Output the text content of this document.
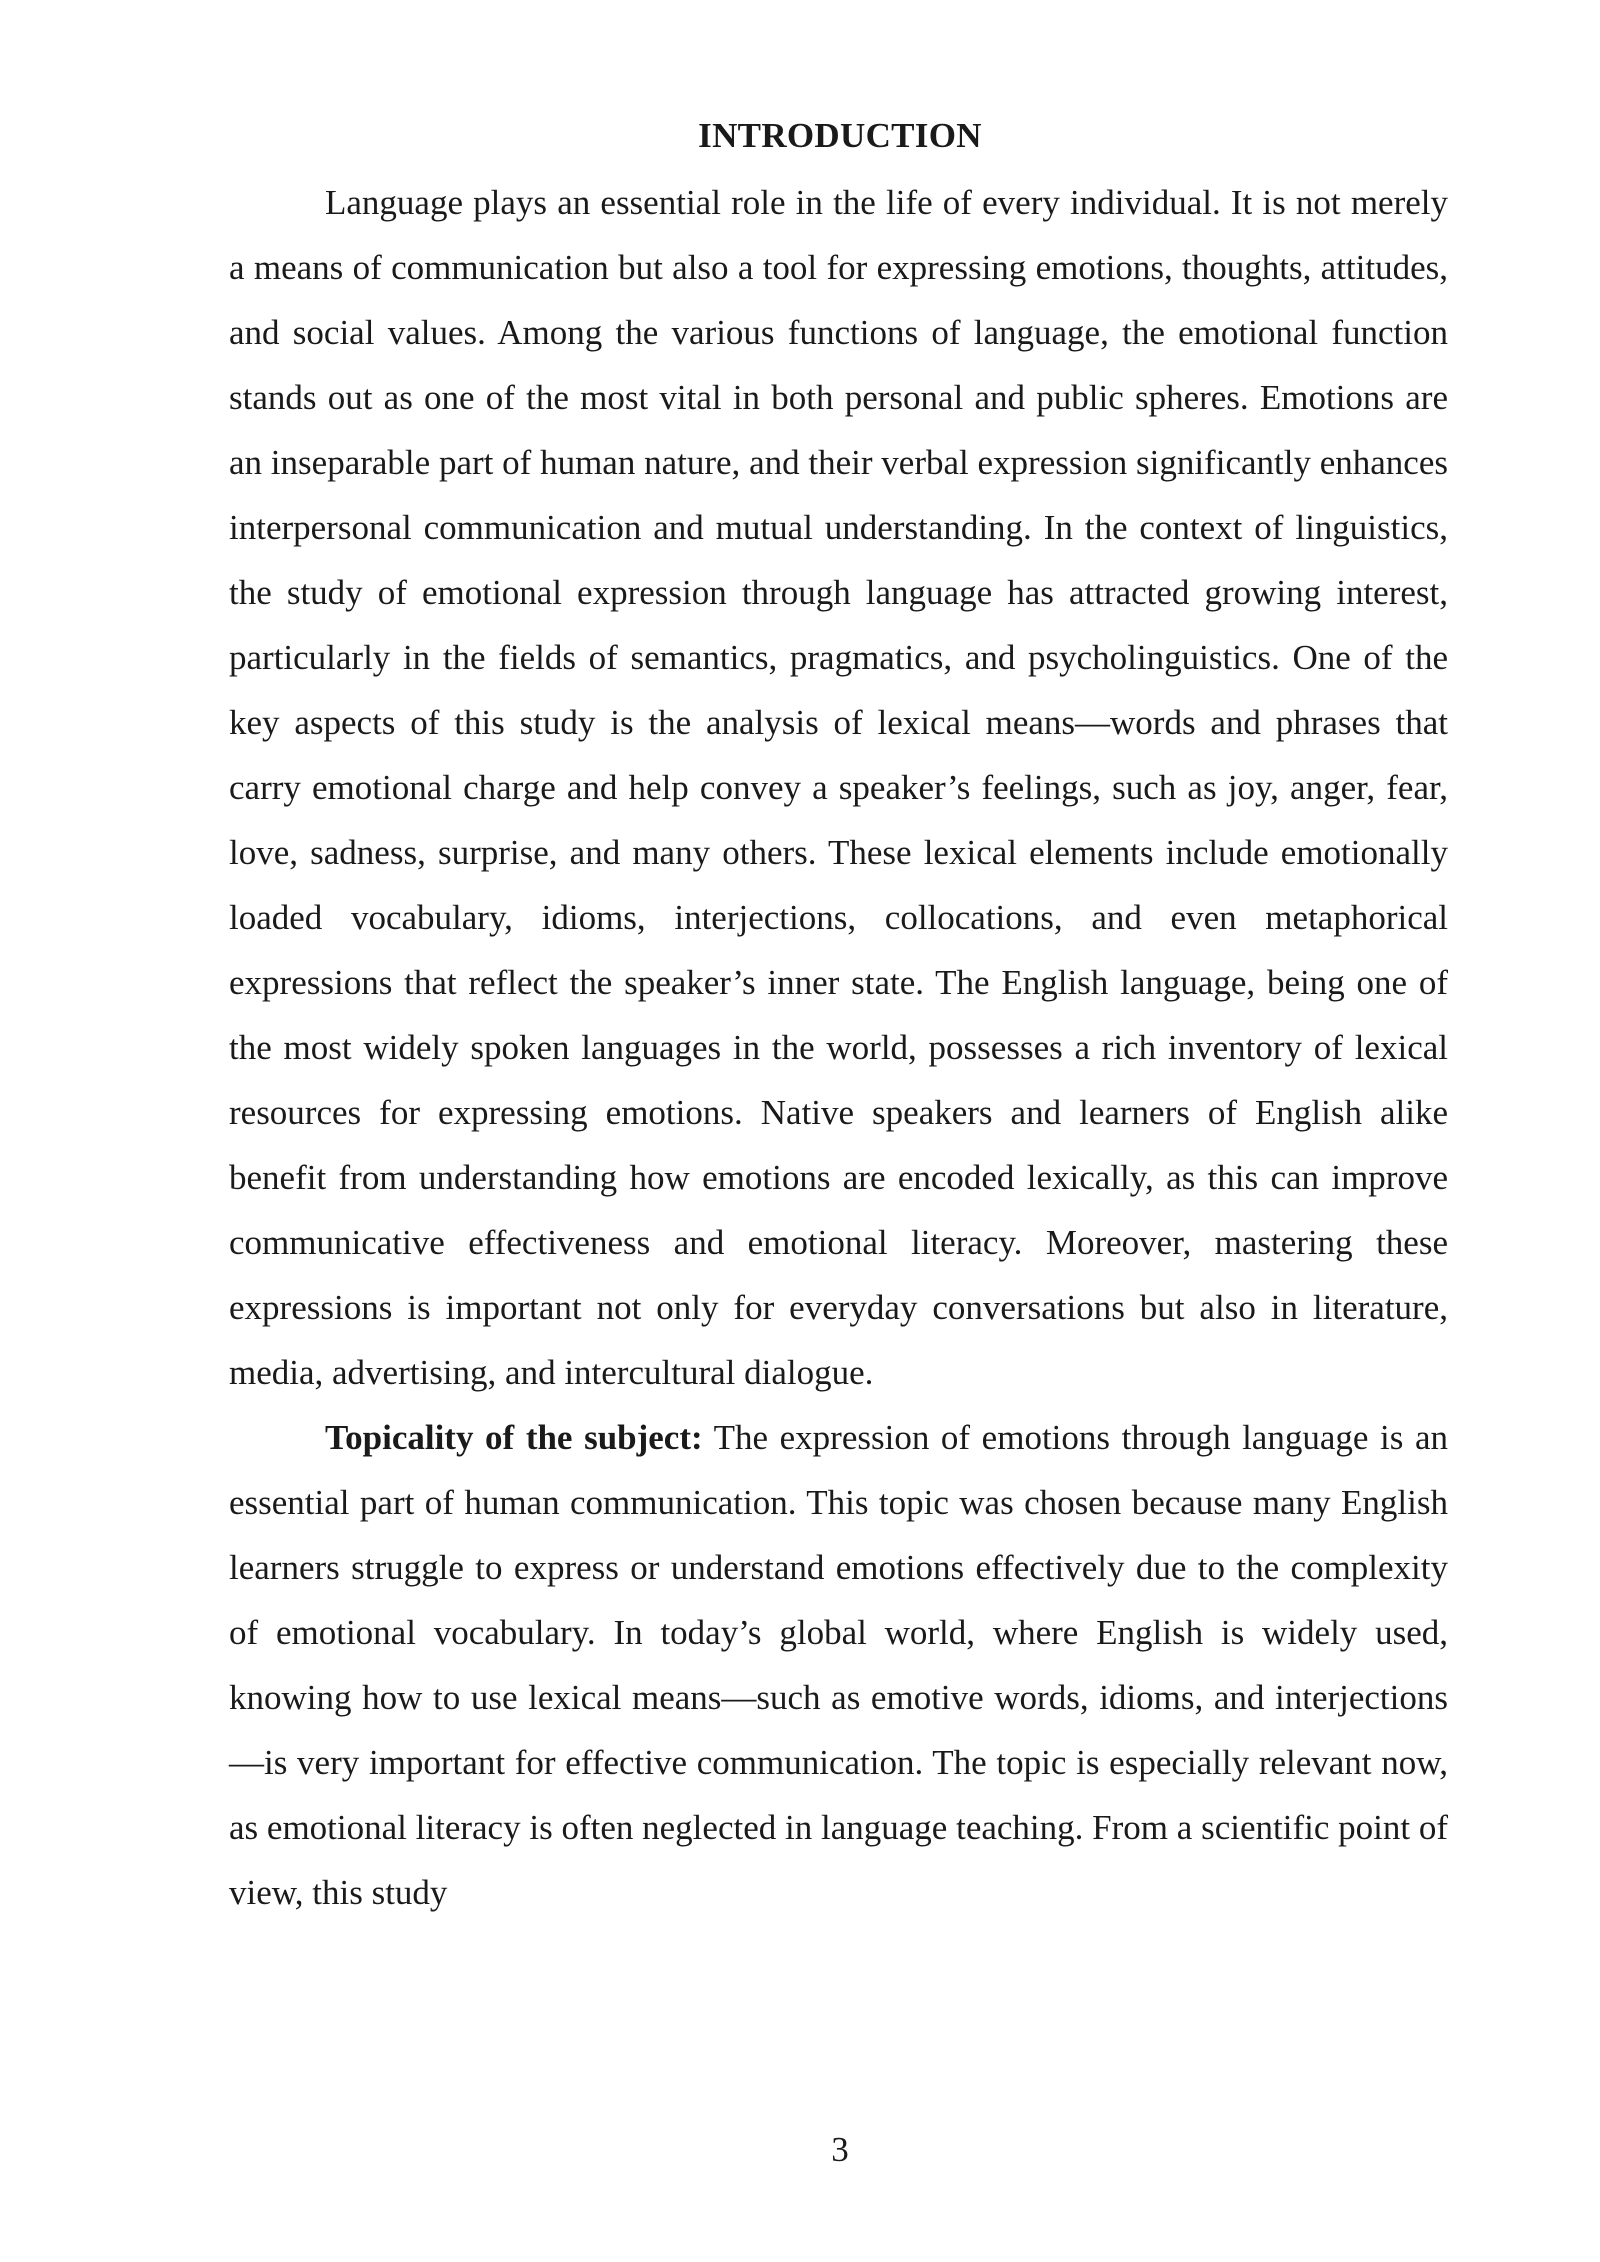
INTRODUCTION

Language plays an essential role in the life of every individual. It is not merely a means of communication but also a tool for expressing emotions, thoughts, attitudes, and social values. Among the various functions of language, the emotional function stands out as one of the most vital in both personal and public spheres. Emotions are an inseparable part of human nature, and their verbal expression significantly enhances interpersonal communication and mutual understanding. In the context of linguistics, the study of emotional expression through language has attracted growing interest, particularly in the fields of semantics, pragmatics, and psycholinguistics. One of the key aspects of this study is the analysis of lexical means—words and phrases that carry emotional charge and help convey a speaker’s feelings, such as joy, anger, fear, love, sadness, surprise, and many others. These lexical elements include emotionally loaded vocabulary, idioms, interjections, collocations, and even metaphorical expressions that reflect the speaker’s inner state. The English language, being one of the most widely spoken languages in the world, possesses a rich inventory of lexical resources for expressing emotions. Native speakers and learners of English alike benefit from understanding how emotions are encoded lexically, as this can improve communicative effectiveness and emotional literacy. Moreover, mastering these expressions is important not only for everyday conversations but also in literature, media, advertising, and intercultural dialogue.

Topicality of the subject: The expression of emotions through language is an essential part of human communication. This topic was chosen because many English learners struggle to express or understand emotions effectively due to the complexity of emotional vocabulary. In today’s global world, where English is widely used, knowing how to use lexical means—such as emotive words, idioms, and interjections—is very important for effective communication. The topic is especially relevant now, as emotional literacy is often neglected in language teaching. From a scientific point of view, this study

3
